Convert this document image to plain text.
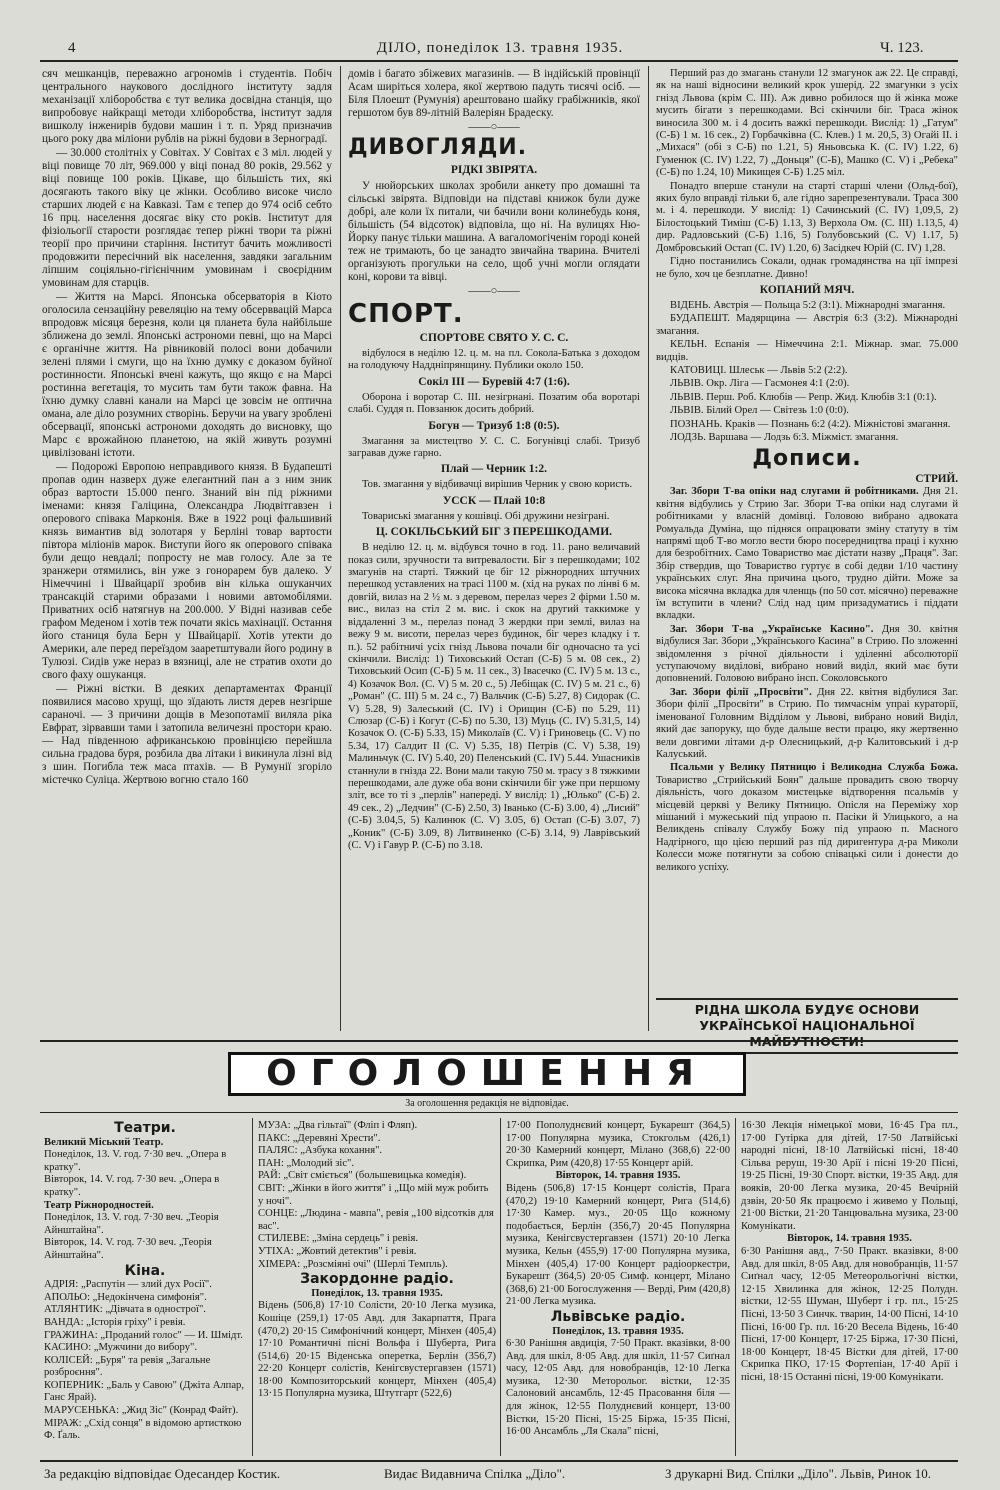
4	ДІЛО, понеділок 13. травня 1935.	Ч. 123.

сяч мешканців, переважно агрономів і студентів. Побіч центрального наукового дослідного інституту задля механізації хліборобства є тут велика досвідна станція, що випробовує найкращі методи хліборобства, інститут задля вишколу інженирів будови машин і т. п. Уряд призначив цього року два міліони рублів на ріжні будови в Зерноградї.

— 30.000 столітніх у Совітах. У Совітах є 3 міл. людей у віці повище 70 літ, 969.000 у віці понад 80 років, 29.562 у віці повище 100 років. Цікаве, що більшість тих, які досягають такого віку це жінки. Особливо високе число старших людей є на Кавказі. Там є тепер до 974 осіб себто 16 прц. населення досягає віку сто років. Інститут для фізіольогії старости розглядає тепер ріжні твори та ріжні теорії про причини старіння. Інститут бачить можливості продовжити пересічний вік населення, завдяки загальним ліпшим соціяльно-гігієнічним умовинам і своєрідним умовинам для старців.

— Життя на Марсі. Японська обсерваторія в Кіото оголосила сензаційну ревеляцію на тему обсерввацій Марса впродовж місяця березня, коли ця планета була найбільше зближена до землі. Японські астрономи певні, що на Марсі є органічне життя. На рівниковій полосі вони добачили зелені плями і смуги, що на їхню думку є доказом буйної ростинности. Японські вчені кажуть, що якщо є на Марсі ростинна вегетація, то мусить там бути також фавна. На їхню думку славні канали на Марсі це зовсім не оптична омана, але діло розумних створінь. Беручи на увагу зроблені обсервації, японські астрономи доходять до висновку, що Марс є врожайною планетою, на якій живуть розумні цивілізовані істоти.

— Подорожі Европою неправдивого князя. В Будапешті пропав один назверх дуже елегантний пан а з ним зник образ вартости 15.000 пенго. Знаний він під ріжними іменами: князя Галіцина, Олександра Людвітгавзен і оперового співака Марконія. Вже в 1922 році фальшивий князь вимантив від золотаря у Берліні товар вартости півтора міліонів марок. Виступи його як оперового співака були дещо невдалі; попросту не мав голосу. Але за те зранжери отямились, він уже з гонорарем був далеко. У Німеччині і Швайцарії зробив він кілька ошуканчих трансакцій старими образами і новими автомобілями. Приватних осіб натягнув на 200.000. У Відні називав себе графом Меденом і хотів теж почати якісь махінації. Остання його станиця була Берн у Швайцарії. Хотів утекти до Америки, але перед переїздом зааретштували його родину в Тулюзі. Сидів уже нераз в вязниці, але не стратив охоти до свого фаху ошуканця.

— Ріжні вістки. В деяких департаментах Франції появилися масово хрущі, що зїдають листя дерев незгірше сараночі. — З причини дощів в Мезопотамії виляла ріка Евфрат, зірвавши тами і затопила величезні простори краю. — Над південною африканською провінцією перейшла сильна градова буря, розбила два літаки і викинула лізні від з шин. Погибла теж маса птахів. — В Румунії згоріло містечко Суліца. Жертвою вогню стало 160

домів і багато збіжевих магазинів. — В індійській провінції Асам ширіться холера, якої жертвою падуть тисячі осіб. — Біля Плоешт (Румунія) арештовано шайку грабіжників, якої гершотом був 89-літній Валеріян Брадеску.

——○——
ДИВОГЛЯДИ.
РІДКІ ЗВІРЯТА.

У нюйорських школах зробили анкету про домашні та сільські звірята. Відповіди на підставі книжок були дуже добрі, але коли їх питали, чи бачили вони колинебудь коня, більшість (54 відсоток) відповіла, що ні. На вулицях Ню-Йорку панує тільки машина. А вагаломогіченім городі коней теж не тримають, бо це занадто звичайна тварина. Вчителі організують прогульки на село, щоб учні могли оглядати коні, корови та вівці.

——○——
СПОРТ.
СПОРТОВЕ СВЯТО У. С. С.

відбулося в неділю 12. ц. м. на пл. Сокола-Батька з доходом на голодуючу Наддніпрянщину. Публики около 150.

Сокіл ІІІ — Буревій 4:7 (1:6).

Оборона і воротар С. ІІІ. незігрнані. Позатим оба воротарі слабі. Суддя п. Повзанюк досить добрий.

Богун — Тризуб 1:8 (0:5).

Змагання за мистецтво У. С. С. Богунівці слабі. Тризуб загравав дуже гарно.

Плай — Черник 1:2.

Тов. змагання у відбивачці вирішив Черник у свою користь.

УССК — Плай 10:8

Товариські змагання у кошівці. Обі дружини незіграні.

Ц. СОКІЛЬСЬКИЙ БІГ З ПЕРЕШКОДАМИ.

В неділю 12. ц. м. відбувся точно в год. 11. рано величавий показ сили, зручности та витревалости. Біг з перешкодами; 102 змагунів на старті. Тяжкий це біг 12 ріжнородних штучних перешкод уставлених на трасі 1100 м. (хід на руках по лінві 6 м. довгій, вилаз на 2 ½ м. з деревом, перелаз через 2 фірми 1.50 м. вис., вилаз на стіл 2 м. вис. і скок на другий таккимже у віддаленні 3 м., перелаз понад 3 жердки при землі, вилаз на вежу 9 м. висоти, перелаз через будинок, біг через кладку і т. п.). 52 рабітничі усіх гнізд Львова почали біг одночасно та усі скінчили. Вислід: 1) Тиховський Остап (С-Б) 5 м. 08 сек., 2) Тиховський Осип (С-Б) 5 м. 11 сек., 3) Івасечко (С. ІV) 5 м. 13 с., 4) Козачок Вол. (С. V) 5 м. 20 с., 5) Лебіщак (С. ІV) 5 м. 21 с., 6) „Роман" (С. ІІІ) 5 м. 24 с., 7) Вальчик (С-Б) 5.27, 8) Сидорак (С. V) 5.28, 9) Залеський (С. ІV) і Орищин (С-Б) по 5.29, 11) Слюзар (С-Б) і Когут (С-Б) по 5.30, 13) Муць (С. ІV) 5.31,5, 14) Козачок О. (С-Б) 5.33, 15) Миколаїв (С. V) і Гриновець (С. V) по 5.34, 17) Салдит ІІ (С. V) 5.35, 18) Петрів (С. V) 5.38, 19) Малиньчук (С. ІV) 5.40, 20) Пеленський (С. ІV) 5.44. Ушасників станнули в гнізда 22. Вони мали такую 750 м. трасу з 8 тяжкими перешкодами, але дуже оба вони скінчили біг уже при першому зліт, все то ті з „перлів" напереді. У вислід: 1) „Юлько" (С-Б) 2. 49 сек., 2) „Ледчин" (С-Б) 2.50, 3) Іванько (С-Б) 3.00, 4) „Лисий" (С-Б) 3.04,5, 5) Калинюк (С. V) 3.05, 6) Остап (С-Б) 3.07, 7) „Коник" (С-Б) 3.09, 8) Литвиненко (С-Б) 3.14, 9) Лаврівський (С. V) і Гавур Р. (С-Б) по 3.18.

Перший раз до змагань станули 12 змагунок аж 22. Це справді, як на наші відносини великий крок ушерід. 22 змагунки з усіх гнізд Львова (крім С. ІІІ). Аж дивно робилося що й жінка може мусить бігати з перешкодами. Всі скінчили біг. Траса жінок виносила 300 м. і 4 досить важкі перешкоди. Вислід: 1) „Гатум" (С-Б) 1 м. 16 сек., 2) Горбачківна (С. Клев.) 1 м. 20,5, 3) Огайі ІІ. і „Михася" (обі з С-Б) по 1.21, 5) Яньовська К. (С. ІV) 1.22, 6) Гуменюк (С. ІV) 1.22, 7) „Доньця" (С-Б), Машко (С. V) і „Ребека" (С-Б) по 1.24, 10) Микищея С-Б) 1.25 міл.

Понадто вперше станули на старті старші члени (Ольд-бої), яких було вправді тільки 6, але гідно зарепрезентували. Траса 300 м. і 4. перешкоди. У вислід: 1) Сачинський (С. ІV) 1,09,5, 2) Білостоцький Тиміш (С-Б) 1.13, 3) Верхола Ом. (С. ІІІ) 1.13,5, 4) дир. Радловський (С-Б) 1.16, 5) Голубовський (С. V) 1.17, 5) Домбровський Остап (С. ІV) 1.20, 6) Засідкеч Юрій (С. ІV) 1,28.

Гідно постанились Сокали, однак громадянства на ції імпрезі не було, хоч це безплатне. Дивно!

КОПАНИЙ МЯЧ.

ВІДЕНЬ. Австрія — Польща 5:2 (3:1). Міжнародні змагання.

БУДАПЕШТ. Мадярщина — Австрія 6:3 (3:2). Міжнародні змагання.

КЕЛЬН. Еспанія — Німеччина 2:1. Міжнар. змаг. 75.000 видців.

КАТОВИЦІ. Шлеськ — Львів 5:2 (2:2).

ЛЬВІВ. Окр. Ліга — Гасмонея 4:1 (2:0).

ЛЬВІВ. Перш. Роб. Клюбів — Репр. Жид. Клюбів 3:1 (0:1).

ЛЬВІВ. Білий Орел — Світезь 1:0 (0:0).

ПОЗНАНЬ. Краків — Познань 6:2 (4:2). Міжністові змагання.

ЛОДЗЬ. Варшава — Лодзь 6:3. Міжміст. змагання.

Дописи.
СТРИЙ.

Заг. Збори Т-ва опіки над слугами й робітниками. Дня 21. квітня відбулись у Стрию Заг. Збори Т-ва опіки над слугами й робітниками у власній домівці. Головою вибрано адвоката Ромуальда Думіна, що підняся опрацювати зміну статуту в тім напрямі щоб Т-во могло вести бюро посередництва праці і кухню для безробітних. Само Товариство має дістати назву „Праця". Заг. Збір ствердив, що Товариство гуртує в собі дедви 1/10 частину українських слуг. Яна причина цього, трудно дійти. Може за висока місячна вкладка для членщь (по 50 сот. місячно) переважне їм вступити в члени? Слід над цим призадуматись і піддати вкладки.

Заг. Збори Т-ва „Українське Касино". Дня 30. квітня відбулися Заг. Збори „Українського Касина" в Стрию. По зложенні звідомлення з річної діяльности і уділенні абсолюторії уступаючому виділові, вибрано новий виділ, який має бути доповнений. Головою вибрано інсп. Соколовського

Заг. Збори філії „Просвіти". Дня 22. квітня відбулися Заг. Збори філії „Просвіти" в Стрию. По тимчаснім упраі кураторії, іменованої Головним Відділом у Львові, вибрано новий Виділ, який дає запоруку, що буде дальше вести працю, яку жертвенно вели довгими літами д-р Олесницький, д-р Калитовський і д-р Калуський.

Псальми у Велику Пятницю і Великодна Служба Божа. Товариство „Стрийський Боян" дальше провадить свою творчу діяльність, чого доказом мистецьке відтворення псальмів у місцевій церкві у Велику Пятницю. Опісля на Переміжу хор мішаний і мужеський під упраою п. Пасіки й Улицького, а на Великдень співалу Службу Божу під упраою п. Масного Надгірного, що цією перший раз під диригентура д-ра Миколи Колесси може потягнути за собою співацькі сили і донести до великого успіху.

РІДНА ШКОЛА БУДУЄ ОСНОВИ УКРАЇНСЬКОЇ НАЦІОНАЛЬНОЇ
ОГОЛОШЕННЯ
За оголошення редакція не відповідає.
Театри.
Великий Міський Театр.
Понеділок, 13. V. год. 7·30 веч. „Опера в кратку".
Вівторок, 14. V. год. 7·30 веч. „Опера в кратку".
Театр Ріжнородностей.
Понеділок, 13. V. год. 7·30 веч. „Теорія Айнштайна".
Вівторок, 14. V. год. 7·30 веч. „Теорія Айнштайна".
Кіна.
АДРІЯ: „Распутін — злий дух Росії".
АПОЛЬО: „Недокінчена симфонія".
АТЛЯНТИК: „Дівчата в однострої".
ВАНДА: „Історія гріху" і ревія.
ГРАЖИНА: „Проданий голос" — И. Шмідт.
КАСИНО: „Мужчини до вибору".
КОЛІСЕЙ: „Буря" та ревія „Загальне розброєння".
КОПЕРНИК: „Баль у Савою" (Джіта Алпар, Ганс Ярай).
МАРУСЕНЬКА: „Жид Зіс" (Конрад Файт).
МІРАЖ: „Схід сонця" в відомою артисткою Ф. Ґаль.
МУЗА: „Два гільтаї" (Фліп і Фляп).
ПАКС: „Деревяні Хрести".
ПАЛЯС: „Азбука кохання".
ПАН: „Молодий зіс".
РАЙ: „Світ сміється" (большевицька комедія).
СВІТ: „Жінки в його життя" і „Що мій муж робить у ночі".
СОНЦЕ: „Людина - мавпа", ревія „100 відсотків для вас".
СТИЛЕВЕ: „Зміна сердець" і ревія.
УТІХА: „Жовтий детектив" і ревія.
ХІМЕРА: „Розсміяні очі" (Шерлі Темпль).
Закордонне радіо.
Понеділок, 13. травня 1935.
Відень (506,8) 17·10 Солісти, 20·10 Легка музика, Кошіце (259,1) 17·05 Авд. для Закарпаття, Прага (470,2) 20·15 Симфонічний концерт, Мінхен (405,4) 17·10 Романтичні пісні Вольфа і Шуберта, Рига (514,6) 20·15 Віденська оперетка, Берлін (356,7) 22·20 Концерт солістів, Кенігсвустергавзен (1571) 18·00 Композиторський концерт, Мінхен (405,4) 13·15 Популярна музика, Штутгарт (522,6)
17·00 Пополуднєвий концерт, Букарешт (364,5) 17·00 Популярна музика, Стокгольм (426,1) 20·30 Камерний концерт, Мілано (368,6) 22·00 Скрипка, Рим (420,8) 17·55 Концерт арій.
Вівторок, 14. травня 1935.
Відень (506,8) 17·15 Концерт солістів, Прага (470,2) 19·10 Камерний концерт, Рига (514,6) 17·30 Камер. муз., 20·05 Що кожному подобається, Берлін (356,7) 20·45 Популярна музика, Кенігсвустергавзен (1571) 20·10 Легка музика, Кельн (455,9) 17·00 Популярна музика, Мінхен (405,4) 17·00 Концерт радіооркестри, Букарешт (364,5) 20·05 Симф. концерт, Мілано (368,6) 21·00 Богослуження — Верді, Рим (420,8) 21·00 Легка музика.
Львівське радіо.
Понеділок, 13. травня 1935.
6·30 Ранішня авдиція, 7·50 Практ. вказівки, 8·00 Авд. для шкіл, 8·05 Авд. для шкіл, 11·57 Сиґнал часу, 12·05 Авд. для новобранців, 12·10 Легка музика, 12·30 Меторольог. вістки, 12·35 Салоновий ансамбль, 12·45 Прасовання біля — для жінок, 12·55 Полуднєвий концерт, 13·00 Вістки, 15·20 Пісні, 15·25 Біржа, 15·35 Пісні, 16·00 Ансамбль „Ля Скала" пісні,
16·30 Лекція німецької мови, 16·45 Гра пл., 17·00 Гутірка для дітей, 17·50 Латвійські народні пісні, 18·10 Латвійські пісні, 18·40 Сільва реруш, 19·30 Арії і пісні 19·20 Пісні, 19·25 Пісні, 19·30 Спорт. вістки, 19·35 Авд. для вояків, 20·00 Легка музика, 20·45 Вечірній дзвін, 20·50 Як працюємо і живемо у Польщі, 21·00 Вістки, 21·20 Танцювальна музика, 23·00 Комунікати.
Вівторок, 14. травня 1935.
6·30 Ранішня авд., 7·50 Практ. вказівки, 8·00 Авд. для шкіл, 8·05 Авд. для новобранців, 11·57 Сиґнал часу, 12·05 Метеорольогічні вістки, 12·15 Хвилинка для жінок, 12·25 Полудн. вістки, 12·55 Шуман, Шуберт і гр. пл., 15·25 Пісні, 13·50 3 Синчк. тварин, 14·00 Пісні, 14·10 Пісні, 16·00 Гр. пл. 16·20 Весела Відень, 16·40 Пісні, 17·00 Концерт, 17·25 Біржа, 17·30 Пісні, 18·00 Концерт, 18·45 Вістки для дітей, 17·00 Скрипка ПКО, 17·15 Фортепіан, 17·40 Арії і пісні, 18·15 Останні пісні, 19·00 Комунікати.
За редакцію відповідає Одесандер Костик.	Видає Видавнича Спілка „Діло".	З друкарні Вид. Спілки „Діло". Львів, Ринок 10.
